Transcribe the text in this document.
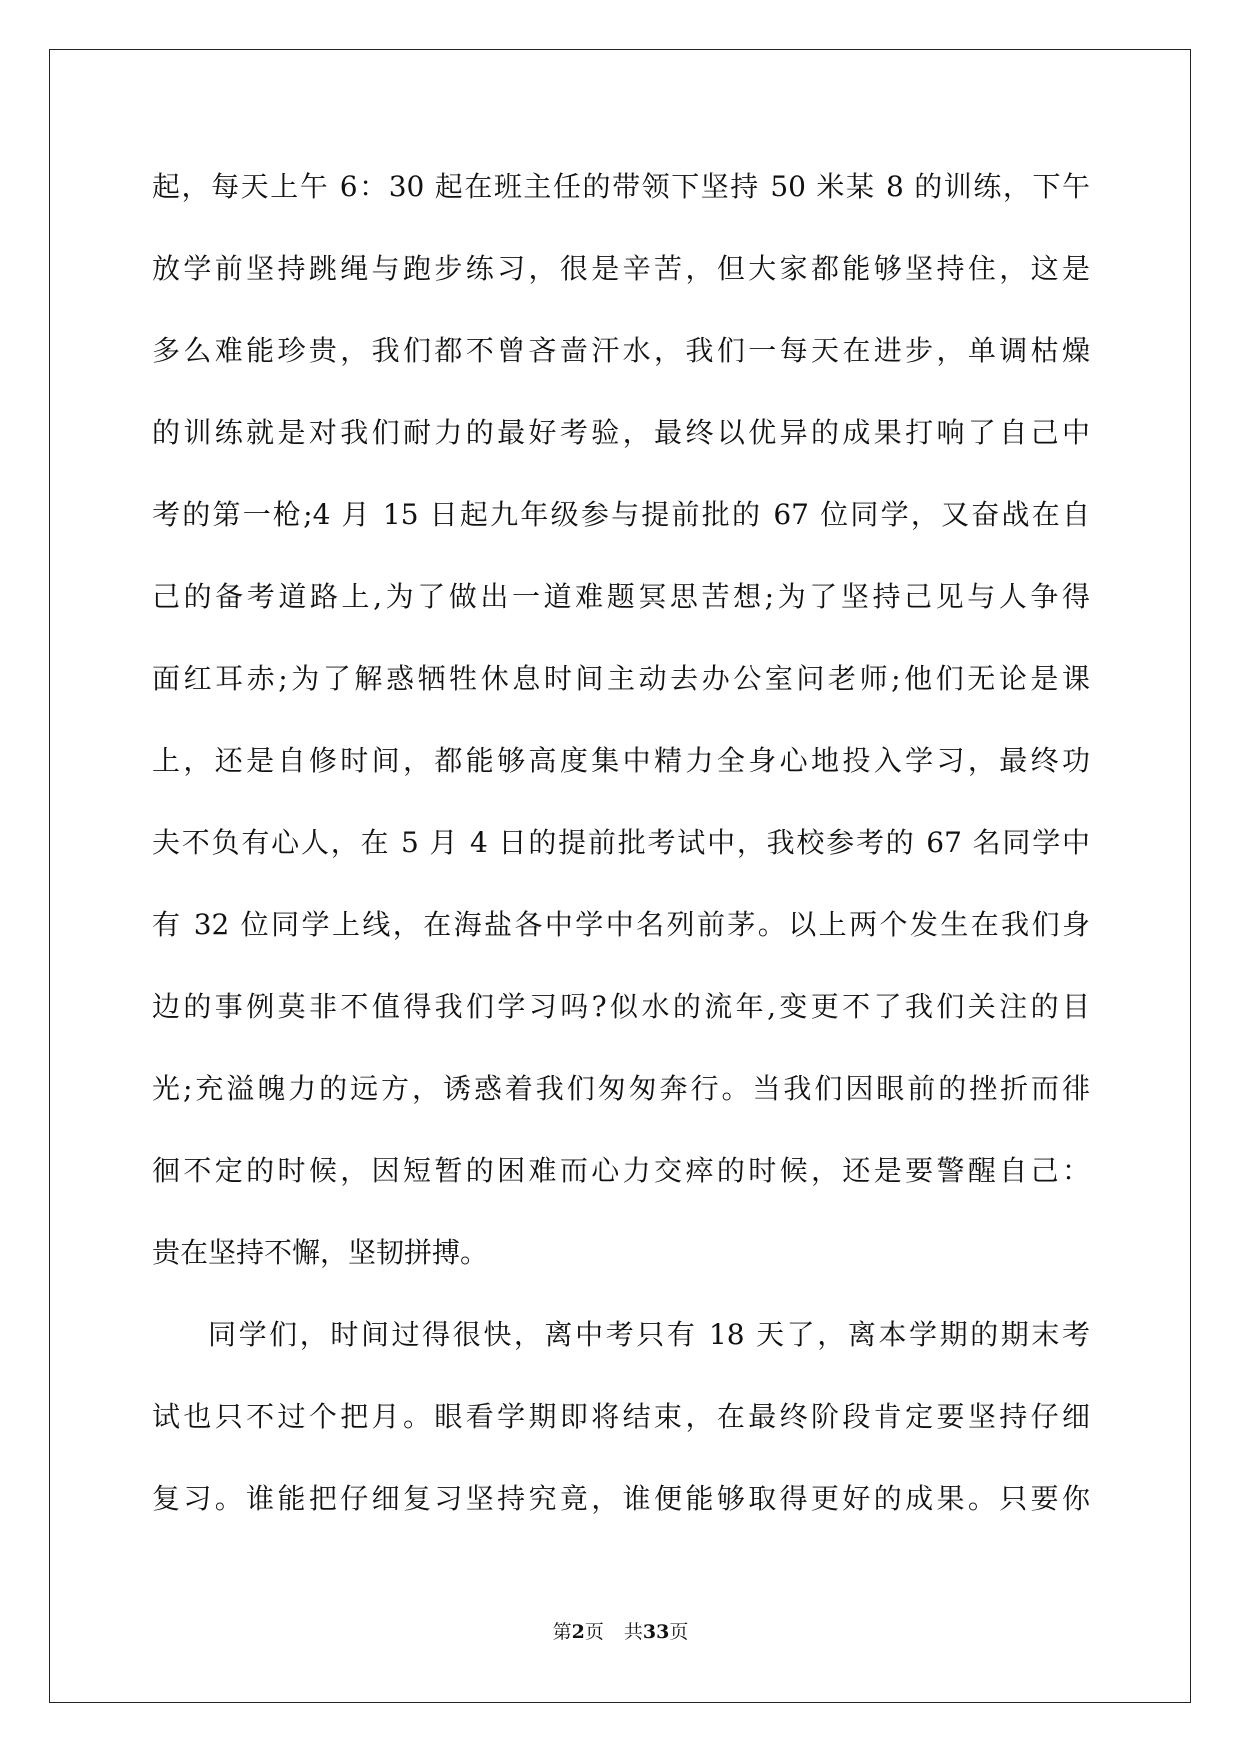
起，每天上午 6：30 起在班主任的带领下坚持 50 米某 8 的训练，下午
放学前坚持跳绳与跑步练习，很是辛苦，但大家都能够坚持住，这是
多么难能珍贵，我们都不曾吝啬汗水，我们一每天在进步，单调枯燥
的训练就是对我们耐力的最好考验，最终以优异的成果打响了自己中
考的第一枪;4 月 15 日起九年级参与提前批的 67 位同学，又奋战在自
己的备考道路上,为了做出一道难题冥思苦想;为了坚持己见与人争得
面红耳赤;为了解惑牺牲休息时间主动去办公室问老师;他们无论是课
上，还是自修时间，都能够高度集中精力全身心地投入学习，最终功
夫不负有心人，在 5 月 4 日的提前批考试中，我校参考的 67 名同学中
有 32 位同学上线，在海盐各中学中名列前茅。以上两个发生在我们身
边的事例莫非不值得我们学习吗?似水的流年,变更不了我们关注的目
光;充溢魄力的远方，诱惑着我们匆匆奔行。当我们因眼前的挫折而徘
徊不定的时候，因短暂的困难而心力交瘁的时候，还是要警醒自己：
贵在坚持不懈，坚韧拼搏。
同学们，时间过得很快，离中考只有 18 天了，离本学期的期末考
试也只不过个把月。眼看学期即将结束，在最终阶段肯定要坚持仔细
复习。谁能把仔细复习坚持究竟，谁便能够取得更好的成果。只要你
第2页 共33页
